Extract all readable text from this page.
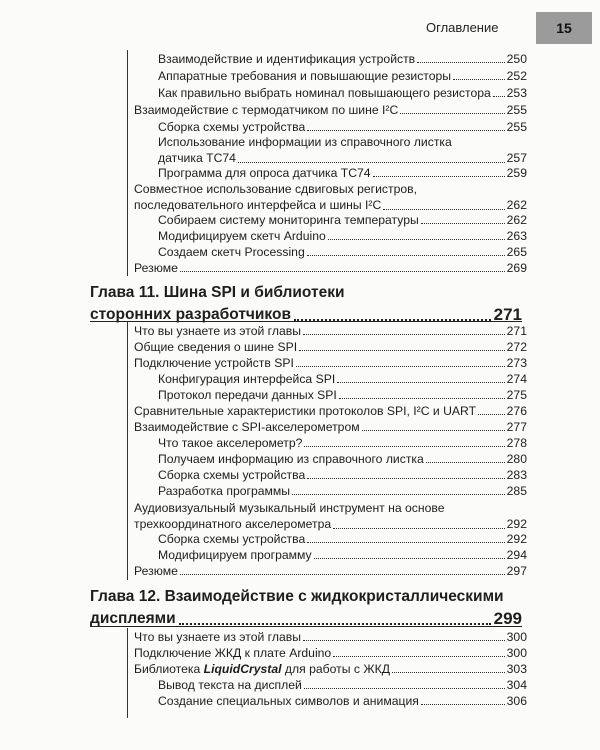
Оглавление	15
Взаимодействие и идентификация устройств	250
Аппаратные требования и повышающие резисторы	252
Как правильно выбрать номинал повышающего резистора 253
Взаимодействие с термодатчиком по шине I²C	255
Сборка схемы устройства	255
Использование информации из справочного листка
датчика TC74	257
Программа для опроса датчика TC74	259
Совместное использование сдвиговых регистров,
последовательного интерфейса и шины I²C	262
Собираем систему мониторинга температуры	262
Модифицируем скетч Arduino	263
Создаем скетч Processing	265
Резюме	269
Глава 11. Шина SPI и библиотеки
сторонних разработчиков	271
Что вы узнаете из этой главы	271
Общие сведения о шине SPI	272
Подключение устройств SPI	273
Конфигурация интерфейса SPI	274
Протокол передачи данных SPI	275
Сравнительные характеристики протоколов SPI, I²C и UART	276
Взаимодействие с SPI-акселерометром	277
Что такое акселерометр?	278
Получаем информацию из справочного листка	280
Сборка схемы устройства	283
Разработка программы	285
Аудиовизуальный музыкальный инструмент на основе
трехкоординатного акселерометра	292
Сборка схемы устройства	292
Модифицируем программу	294
Резюме	297
Глава 12. Взаимодействие с жидкокристаллическими
дисплеями	299
Что вы узнаете из этой главы	300
Подключение ЖКД к плате Arduino	300
Библиотека LiquidCrystal для работы с ЖКД	303
Вывод текста на дисплей	304
Создание специальных символов и анимация	306
